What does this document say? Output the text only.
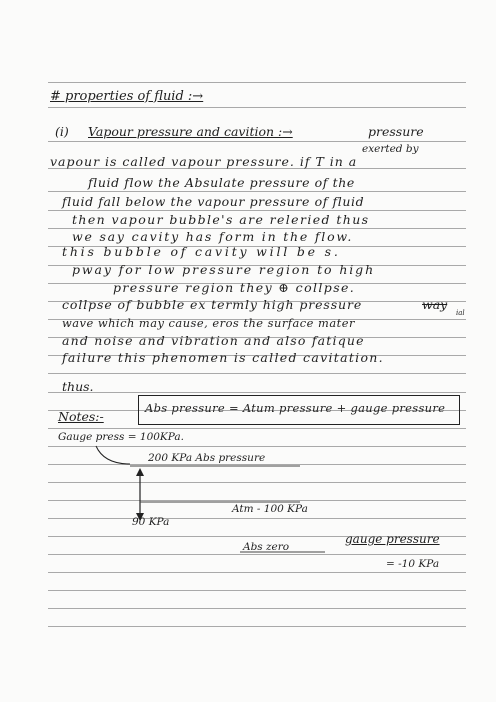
# properties of fluid :→
(i) Vapour pressure and cavition :→	pressure
exerted by
vapour is called vapour pressure. if T in a
fluid flow the Absulate pressure of the
fluid fall below the vapour pressure of fluid
then vapour bubble's are releried thus
we say cavity has form in the flow.
this bubble of cavity will be s.
pway for low pressure region to high
pressure region they ⊕ collpse.
collpse of bubble ex termly high pressure	way
wave which may cause, eros the surface mater
ial
and noise and vibration and also fatique
failure this phenomen is called cavitation.
thus.
Notes:-
Abs pressure = Atum pressure + gauge pressure
Gauge press = 100KPa.
200 KPa Abs pressure
Atm - 100 KPa
90 KPa
Abs zero
gauge pressure
= -10 KPa
